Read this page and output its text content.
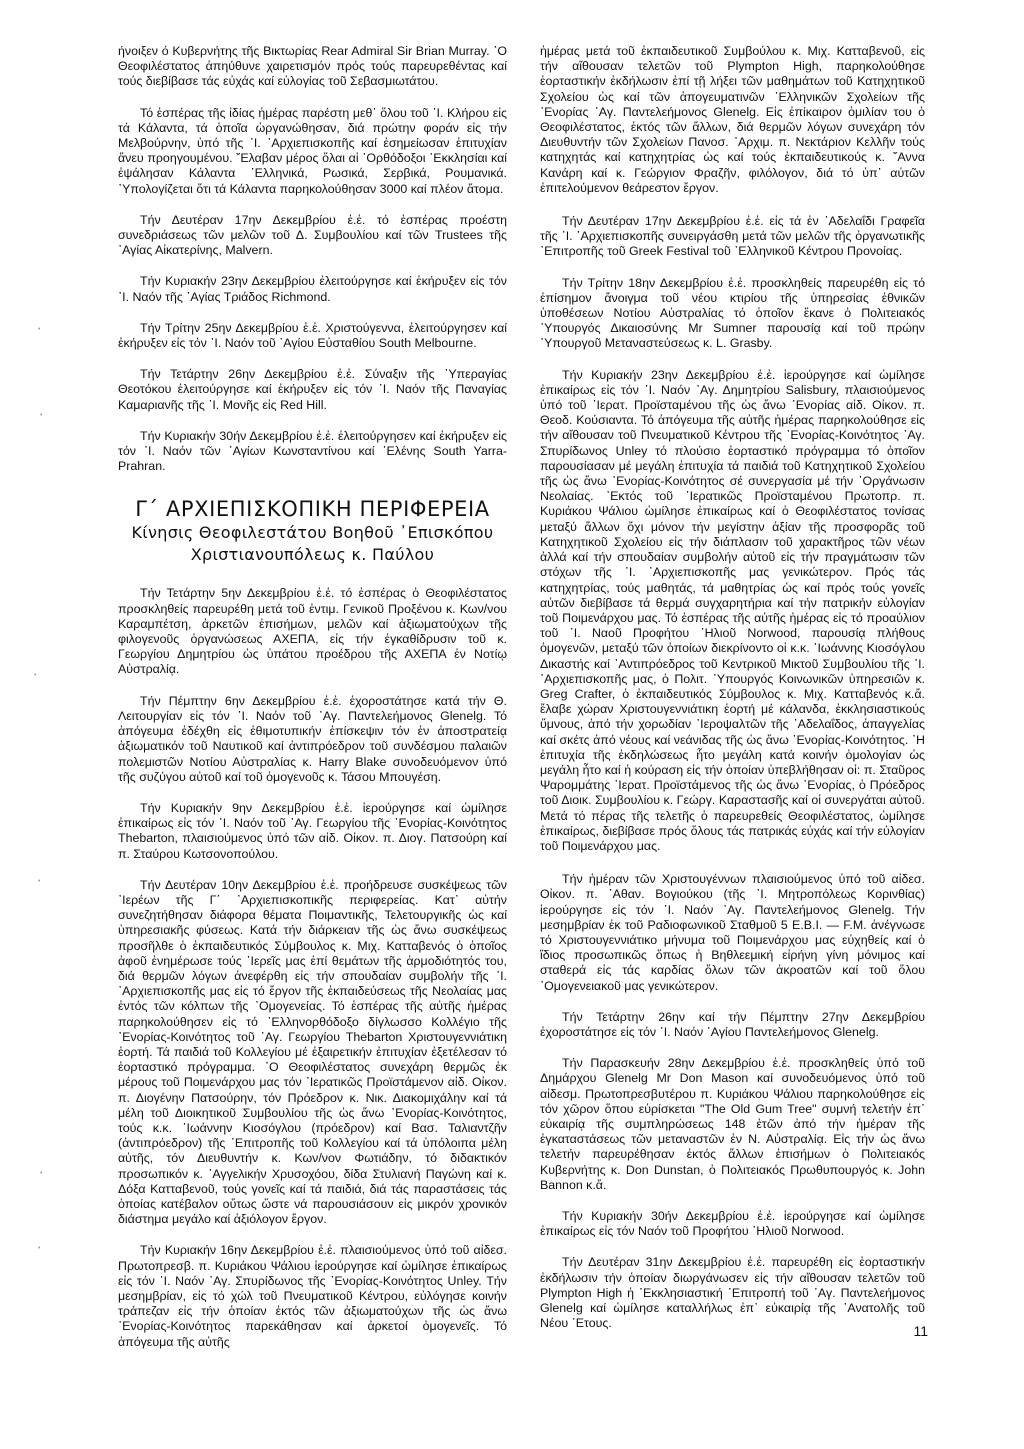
ήνοιξεν ό Κυβερνήτης τῆς Βικτωρίας Rear Admiral Sir Brian Murray. ᾽Ο Θεοφιλέστατος ἀπηύθυνε χαιρετισμόν πρός τούς παρευρεθέντας καί τούς διεβίβασε τάς εὐχάς καί εὐλογίας τοῦ Σεβασμιωτάτου.

Τό ἑσπέρας τῆς ἰδίας ἡμέρας παρέστη μεθ᾽ ὅλου τοῦ ᾽Ι. Κλήρου εἰς τά Κάλαντα, τά ὁποῖα ὠργανώθησαν, διά πρώτην φοράν εἰς τήν Μελβούρνην, ὑπό τῆς ᾽Ι. ᾽Αρχιεπισκοπῆς καί ἐσημείωσαν ἐπιτυχίαν ἄνευ προηγουμένου. ῎Ελαβαν μέρος ὅλαι αἱ ᾽Ορθόδοξοι ᾽Εκκλησίαι καί ἐψάλησαν Κάλαντα ᾽Ελληνικά, Ρωσικά, Σερβικά, Ρουμανικά. ᾽Υπολογίζεται ὅτι τά Κάλαντα παρηκολούθησαν 3000 καί πλέον ἄτομα.

Τήν Δευτέραν 17ην Δεκεμβρίου ἐ.ἐ. τό ἑσπέρας προέστη συνεδριάσεως τῶν μελῶν τοῦ Δ. Συμβουλίου καί τῶν Trustees τῆς ᾽Αγίας Αἰκατερίνης, Malvern.

Τήν Κυριακήν 23ην Δεκεμβρίου ἐλειτούργησε καί ἐκήρυξεν εἰς τόν ᾽Ι. Ναόν τῆς ᾽Αγίας Τριάδος Richmond.

Τήν Τρίτην 25ην Δεκεμβρίου ἐ.ἐ. Χριστούγεννα, ἐλειτούργησεν καί ἐκήρυξεν εἰς τόν ᾽Ι. Ναόν τοῦ ᾽Αγίου Εὐσταθίου South Melbourne.

Τήν Τετάρτην 26ην Δεκεμβρίου ἐ.ἐ. Σύναξιν τῆς ᾽Υπεραγίας Θεοτόκου ἐλειτούργησε καί ἐκήρυξεν εἰς τόν ᾽Ι. Ναόν τῆς Παναγίας Καμαριανῆς τῆς ᾽Ι. Μονῆς εἰς Red Hill.

Τήν Κυριακήν 30ήν Δεκεμβρίου ἐ.ἐ. ἐλειτούργησεν καί ἐκήρυξεν εἰς τόν ᾽Ι. Ναόν τῶν ᾽Αγίων Κωνσταντίνου καί ᾽Ελένης South Yarra-Prahran.

Γ΄ ΑΡΧΙΕΠΙΣΚΟΠΙΚΗ ΠΕΡΙΦΕΡΕΙΑ
Κίνησις Θεοφιλεστάτου Βοηθοῦ ᾽Επισκόπου
Χριστιανουπόλεως κ. Παύλου

Τήν Τετάρτην 5ην Δεκεμβρίου ἐ.ἐ. τό ἑσπέρας ὁ Θεοφιλέστατος προσκληθείς παρευρέθη μετά τοῦ ἐντιμ. Γενικοῦ Προξένου κ. Κων/νου Καραμπέτση, ἀρκετῶν ἐπισήμων, μελῶν καί ἀξιωματούχων τῆς φιλογενοῦς ὀργανώσεως ΑΧΕΠΑ, εἰς τήν ἐγκαθίδρυσιν τοῦ κ. Γεωργίου Δημητρίου ὡς ὑπάτου προέδρου τῆς ΑΧΕΠΑ ἐν Νοτίῳ Αὐστραλίᾳ.

Τήν Πέμπτην 6ην Δεκεμβρίου ἐ.ἐ. ἐχοροστάτησε κατά τήν Θ. Λειτουργίαν εἰς τόν ᾽Ι. Ναόν τοῦ ᾽Αγ. Παντελεήμονος Glenelg. Τό ἀπόγευμα ἐδέχθη εἰς ἐθιμοτυπικήν ἐπίσκεψιν τόν ἐν ἀποστρατείᾳ ἀξιωματικόν τοῦ Ναυτικοῦ καί ἀντιπρόεδρον τοῦ συνδέσμου παλαιῶν πολεμιστῶν Νοτίου Αὐστραλίας κ. Harry Blake συνοδευόμενον ὑπό τῆς συζύγου αὐτοῦ καί τοῦ ὁμογενοῦς κ. Τάσου Μπουγέση.

Τήν Κυριακήν 9ην Δεκεμβρίου ἐ.ἐ. ἱερούργησε καί ὡμίλησε ἐπικαίρως εἰς τόν ᾽Ι. Ναόν τοῦ ᾽Αγ. Γεωργίου τῆς ᾽Ενορίας-Κοινότητος Thebarton, πλαισιούμενος ὑπό τῶν αἰδ. Οἰκον. π. Διογ. Πατσούρη καί π. Σταύρου Κωτσονοπούλου.

Τήν Δευτέραν 10ην Δεκεμβρίου ἐ.ἐ. προήδρευσε συσκέψεως τῶν ᾽Ιερέων τῆς Γ΄ ᾽Αρχιεπισκοπικῆς περιφερείας. Κατ᾽ αὐτήν συνεζητήθησαν διάφορα θέματα Ποιμαντικῆς, Τελετουργικῆς ὡς καί ὑπηρεσιακῆς φύσεως. Κατά τήν διάρκειαν τῆς ὡς ἄνω συσκέψεως προσῆλθε ὁ ἐκπαιδευτικός Σύμβουλος κ. Μιχ. Κατταβενός ὁ ὁποῖος ἀφοῦ ἐνημέρωσε τούς ᾽Ιερεῖς μας ἐπί θεμάτων τῆς ἁρμοδιότητός του, διά θερμῶν λόγων ἀνεφέρθη εἰς τήν σπουδαίαν συμβολήν τῆς ᾽Ι. ᾽Αρχιεπισκοπῆς μας εἰς τό ἔργον τῆς ἐκπαιδεύσεως τῆς Νεολαίας μας ἐντός τῶν κόλπων τῆς ᾽Ομογενείας. Τό ἑσπέρας τῆς αὐτῆς ἡμέρας παρηκολούθησεν εἰς τό ᾽Ελληνορθόδοξο δίγλωσσο Κολλέγιο τῆς ᾽Ενορίας-Κοινότητος τοῦ ᾽Αγ. Γεωργίου Thebarton Χριστουγεννιάτικη ἑορτή. Τά παιδιά τοῦ Κολλεγίου μέ ἐξαιρετικήν ἐπιτυχίαν ἐξετέλεσαν τό ἑορταστικό πρόγραμμα. ᾽Ο Θεοφιλέστατος συνεχάρη θερμῶς ἐκ μέρους τοῦ Ποιμενάρχου μας τόν ᾽Ιερατικῶς Προϊστάμενον αἰδ. Οἰκον. π. Διογένην Πατσούρην, τόν Πρόεδρον κ. Νικ. Διακομιχάλην καί τά μέλη τοῦ Διοικητικοῦ Συμβουλίου τῆς ὡς ἄνω ᾽Ενορίας-Κοινότητος, τούς κ.κ. ᾽Ιωάννην Κιοσόγλου (πρόεδρον) καί Βασ. Ταλιαντζῆν (ἀντιπρόεδρον) τῆς ᾽Επιτροπῆς τοῦ Κολλεγίου καί τά ὑπόλοιπα μέλη αὐτῆς, τόν Διευθυντήν κ. Κων/νον Φωτιάδην, τό διδακτικόν προσωπικόν κ. ᾽Αγγελικήν Χρυσοχόου, δίδα Στυλιανή Παγώνη καί κ. Δόξα Κατταβενοῦ, τούς γονεῖς καί τά παιδιά, διά τάς παραστάσεις τάς ὁποίας κατέβαλον οὕτως ὥστε νά παρουσιάσουν εἰς μικρόν χρονικόν διάστημα μεγάλο καί ἀξιόλογον ἔργον.

Τήν Κυριακήν 16ην Δεκεμβρίου ἐ.ἐ. πλαισιούμενος ὑπό τοῦ αἰδεσ. Πρωτοπρεσβ. π. Κυριάκου Ψάλιου ἱερούργησε καί ὡμίλησε ἐπικαίρως εἰς τόν ᾽Ι. Ναόν ᾽Αγ. Σπυρίδωνος τῆς ᾽Ενορίας-Κοινότητος Unley. Τήν μεσημβρίαν, εἰς τό χώλ τοῦ Πνευματικοῦ Κέντρου, εὐλόγησε κοινήν τράπεζαν εἰς τήν ὁποίαν ἐκτός τῶν ἀξιωματούχων τῆς ὡς ἄνω ᾽Ενορίας-Κοινότητος παρεκάθησαν καί ἀρκετοί ὁμογενεῖς. Τό ἀπόγευμα τῆς αὐτῆς

ἡμέρας μετά τοῦ ἐκπαιδευτικοῦ Συμβούλου κ. Μιχ. Κατταβενοῦ, εἰς τήν αἴθουσαν τελετῶν τοῦ Plympton High, παρηκολούθησε ἑορταστικήν ἐκδήλωσιν ἐπί τῇ λήξει τῶν μαθημάτων τοῦ Κατηχητικοῦ Σχολείου ὡς καί τῶν ἀπογευματινῶν ᾽Ελληνικῶν Σχολείων τῆς ᾽Ενορίας ᾽Αγ. Παντελεήμονος Glenelg. Εἰς ἐπίκαιρον ὁμιλίαν του ὁ Θεοφιλέστατος, ἐκτός τῶν ἄλλων, διά θερμῶν λόγων συνεχάρη τόν Διευθυντήν τῶν Σχολείων Πανοσ. ᾽Αρχιμ. π. Νεκτάριον Κελλῆν τούς κατηχητάς καί κατηχητρίας ὡς καί τούς ἐκπαιδευτικούς κ. ῎Αννα Κανάρη καί κ. Γεώργιον Φραζῆν, φιλόλογον, διά τό ὑπ᾽ αὐτῶν ἐπιτελούμενον θεάρεστον ἔργον.

Τήν Δευτέραν 17ην Δεκεμβρίου ἐ.ἐ. εἰς τά ἐν ᾽Αδελαΐδι Γραφεῖα τῆς ᾽Ι. ᾽Αρχιεπισκοπῆς συνειργάσθη μετά τῶν μελῶν τῆς ὀργανωτικῆς ᾽Επιτροπῆς τοῦ Greek Festival τοῦ ᾽Ελληνικοῦ Κέντρου Προνοίας.

Τήν Τρίτην 18ην Δεκεμβρίου ἐ.ἐ. προσκληθείς παρευρέθη εἰς τό ἐπίσημον ἄνοιγμα τοῦ νέου κτιρίου τῆς ὑπηρεσίας ἐθνικῶν ὑποθέσεων Νοτίου Αὐστραλίας τό ὁποῖον ἔκανε ὁ Πολιτειακός ᾽Υπουργός Δικαιοσύνης Mr Sumner παρουσίᾳ καί τοῦ πρώην ᾽Υπουργοῦ Μεταναστεύσεως κ. L. Grasby.

Τήν Κυριακήν 23ην Δεκεμβρίου ἐ.ἐ. ἱερούργησε καί ὡμίλησε ἐπικαίρως εἰς τόν ᾽Ι. Ναόν ᾽Αγ. Δημητρίου Salisbury, πλαισιούμενος ὑπό τοῦ ᾽Ιερατ. Προϊσταμένου τῆς ὡς ἄνω ᾽Ενορίας αἰδ. Οἰκον. π. Θεοδ. Κούσιαντα. Τό ἀπόγευμα τῆς αὐτῆς ἡμέρας παρηκολούθησε εἰς τήν αἴθουσαν τοῦ Πνευματικοῦ Κέντρου τῆς ᾽Ενορίας-Κοινότητος ᾽Αγ. Σπυρίδωνος Unley τό πλούσιο ἑορταστικό πρόγραμμα τό ὁποῖον παρουσίασαν μέ μεγάλη ἐπιτυχία τά παιδιά τοῦ Κατηχητικοῦ Σχολείου τῆς ὡς ἄνω ᾽Ενορίας-Κοινότητος σέ συνεργασία μέ τήν ᾽Οργάνωσιν Νεολαίας. ᾽Εκτός τοῦ ᾽Ιερατικῶς Προϊσταμένου Πρωτοπρ. π. Κυριάκου Ψάλιου ὡμίλησε ἐπικαίρως καί ὁ Θεοφιλέστατος τονίσας μεταξύ ἄλλων ὄχι μόνον τήν μεγίστην ἀξίαν τῆς προσφορᾶς τοῦ Κατηχητικοῦ Σχολείου εἰς τήν διάπλασιν τοῦ χαρακτῆρος τῶν νέων ἀλλά καί τήν σπουδαίαν συμβολήν αὐτοῦ εἰς τήν πραγμάτωσιν τῶν στόχων τῆς ᾽Ι. ᾽Αρχιεπισκοπῆς μας γενικώτερον. Πρός τάς κατηχητρίας, τούς μαθητάς, τά μαθητρίας ὡς καί πρός τούς γονεῖς αὐτῶν διεβίβασε τά θερμά συγχαρητήρια καί τήν πατρικήν εὐλογίαν τοῦ Ποιμενάρχου μας. Τό ἑσπέρας τῆς αὐτῆς ἡμέρας εἰς τό προαύλιον τοῦ ᾽Ι. Ναοῦ Προφήτου ᾽Ηλιοῦ Norwood, παρουσίᾳ πλήθους ὁμογενῶν, μεταξύ τῶν ὁποίων διεκρίνοντο οἱ κ.κ. ᾽Ιωάννης Κιοσόγλου Δικαστής καί ᾽Αντιπρόεδρος τοῦ Κεντρικοῦ Μικτοῦ Συμβουλίου τῆς ᾽Ι. ᾽Αρχιεπισκοπῆς μας, ὁ Πολιτ. ᾽Υπουργός Κοινωνικῶν ὑπηρεσιῶν κ. Greg Crafter, ὁ ἐκπαιδευτικός Σύμβουλος κ. Μιχ. Κατταβενός κ.ἄ. ἔλαβε χώραν Χριστουγεννιάτικη ἑορτή μέ κάλανδα, ἐκκλησιαστικούς ὕμνους, ἀπό τήν χορωδίαν ᾽Ιεροψαλτῶν τῆς ᾽Αδελαΐδος, ἀπαγγελίας καί σκέτς ἀπό νέους καί νεάνιδας τῆς ὡς ἄνω ᾽Ενορίας-Κοινότητος. ᾽Η ἐπιτυχία τῆς ἐκδηλώσεως ἦτο μεγάλη κατά κοινήν ὁμολογίαν ὡς μεγάλη ἦτο καί ἡ κούραση εἰς τήν ὁποίαν ὑπεβλήθησαν οἱ: π. Σταῦρος Ψαρομμάτης ᾽Ιερατ. Προϊστάμενος τῆς ὡς ἄνω ᾽Ενορίας, ὁ Πρόεδρος τοῦ Διοικ. Συμβουλίου κ. Γεώργ. Καραστασῆς καί οἱ συνεργάται αὐτοῦ. Μετά τό πέρας τῆς τελετῆς ὁ παρευρεθείς Θεοφιλέστατος, ὡμίλησε ἐπικαίρως, διεβίβασε πρός ὅλους τάς πατρικάς εὐχάς καί τήν εὐλογίαν τοῦ Ποιμενάρχου μας.

Τήν ἡμέραν τῶν Χριστουγέννων πλαισιούμενος ὑπό τοῦ αἰδεσ. Οἰκον. π. ᾽Αθαν. Βογιούκου (τῆς ᾽Ι. Μητροπόλεως Κορινθίας) ἱερούργησε εἰς τόν ᾽Ι. Ναόν ᾽Αγ. Παντελεήμονος Glenelg. Τήν μεσημβρίαν ἐκ τοῦ Ραδιοφωνικοῦ Σταθμοῦ 5 E.B.I. — F.M. ἀνέγνωσε τό Χριστουγεννιάτικο μήνυμα τοῦ Ποιμενάρχου μας εὐχηθείς καί ὁ ἴδιος προσωπικῶς ὅπως ἡ Βηθλεεμική εἰρήνη γίνη μόνιμος καί σταθερά εἰς τάς καρδίας ὅλων τῶν ἀκροατῶν καί τοῦ ὅλου ᾽Ομογενειακοῦ μας γενικώτερον.

Τήν Τετάρτην 26ην καί τήν Πέμπτην 27ην Δεκεμβρίου ἐχοροστάτησε εἰς τόν ᾽Ι. Ναόν ᾽Αγίου Παντελεήμονος Glenelg.

Τήν Παρασκευήν 28ην Δεκεμβρίου ἐ.ἐ. προσκληθείς ὑπό τοῦ Δημάρχου Glenelg Mr Don Mason καί συνοδευόμενος ὑπό τοῦ αἰδεσμ. Πρωτοπρεσβυτέρου π. Κυριάκου Ψάλιου παρηκολούθησε εἰς τόν χῶρον ὅπου εὑρίσκεται "The Old Gum Tree" συμνή τελετήν ἐπ᾽ εὐκαιρίᾳ τῆς συμπληρώσεως 148 ἐτῶν ἀπό τήν ἡμέραν τῆς ἐγκαταστάσεως τῶν μεταναστῶν ἐν Ν. Αὐστραλίᾳ. Εἰς τήν ὡς ἄνω τελετήν παρευρέθησαν ἐκτός ἄλλων ἐπισήμων ὁ Πολιτειακός Κυβερνήτης κ. Don Dunstan, ὁ Πολιτειακός Πρωθυπουργός κ. John Bannon κ.ἄ.

Τήν Κυριακήν 30ήν Δεκεμβρίου ἐ.ἐ. ἱερούργησε καί ὡμίλησε ἐπικαίρως εἰς τόν Ναόν τοῦ Προφήτου ᾽Ηλιοῦ Norwood.

Τήν Δευτέραν 31ην Δεκεμβρίου ἐ.ἐ. παρευρέθη εἰς ἑορταστικήν ἐκδήλωσιν τήν ὁποίαν διωργάνωσεν εἰς τήν αἴθουσαν τελετῶν τοῦ Plympton High ἡ ᾽Εκκλησιαστική ᾽Επιτροπή τοῦ ᾽Αγ. Παντελεήμονος Glenelg καί ὡμίλησε καταλλήλως ἐπ᾽ εὐκαιρίᾳ τῆς ᾽Ανατολῆς τοῦ Νέου ᾽Ετους.	11
•
•
•
•
•
•
